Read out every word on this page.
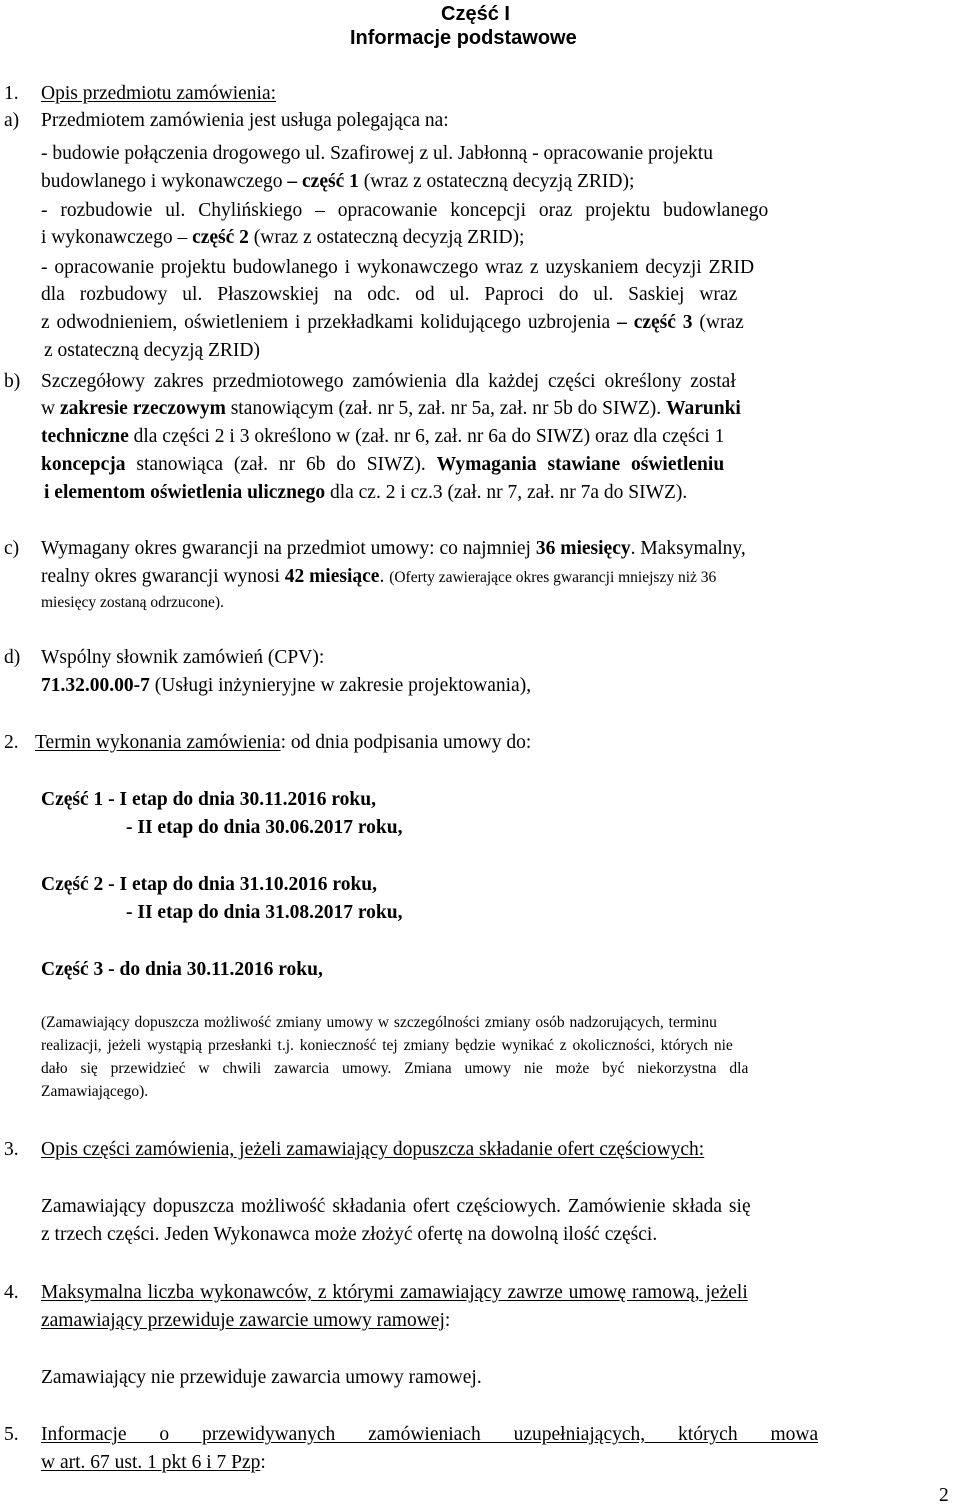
Część I
Informacje podstawowe
1. Opis przedmiotu zamówienia:
a) Przedmiotem zamówienia jest usługa polegająca na:
- budowie połączenia drogowego ul. Szafirowej z ul. Jabłonną - opracowanie projektu
budowlanego i wykonawczego – część 1 (wraz z ostateczną decyzją ZRID);
- rozbudowie ul. Chylińskiego – opracowanie koncepcji oraz projektu budowlanego
i wykonawczego – część 2 (wraz z ostateczną decyzją ZRID);
- opracowanie projektu budowlanego i wykonawczego wraz z uzyskaniem decyzji ZRID
dla rozbudowy ul. Płaszowskiej na odc. od ul. Paproci do ul. Saskiej wraz
z odwodnieniem, oświetleniem i przekładkami kolidującego uzbrojenia – część 3 (wraz
z ostateczną decyzją ZRID)
b) Szczegółowy zakres przedmiotowego zamówienia dla każdej części określony został
w zakresie rzeczowym stanowiącym (zał. nr 5, zał. nr 5a, zał. nr 5b do SIWZ). Warunki
techniczne dla części 2 i 3 określono w (zał. nr 6, zał. nr 6a do SIWZ) oraz dla części 1
koncepcja stanowiąca (zał. nr 6b do SIWZ). Wymagania stawiane oświetleniu
i elementom oświetlenia ulicznego dla cz. 2 i cz.3 (zał. nr 7, zał. nr 7a do SIWZ).
c) Wymagany okres gwarancji na przedmiot umowy: co najmniej 36 miesięcy. Maksymalny,
realny okres gwarancji wynosi 42 miesiące. (Oferty zawierające okres gwarancji mniejszy niż 36
miesięcy zostaną odrzucone).
d) Wspólny słownik zamówień (CPV):
71.32.00.00-7 (Usługi inżynieryjne w zakresie projektowania),
2. Termin wykonania zamówienia: od dnia podpisania umowy do:
Część 1 - I etap do dnia 30.11.2016 roku,
- II etap do dnia 30.06.2017 roku,
Część 2 - I etap do dnia 31.10.2016 roku,
- II etap do dnia 31.08.2017 roku,
Część 3 - do dnia 30.11.2016 roku,
(Zamawiający dopuszcza możliwość zmiany umowy w szczególności zmiany osób nadzorujących, terminu
realizacji, jeżeli wystąpią przesłanki t.j. konieczność tej zmiany będzie wynikać z okoliczności, których nie
dało się przewidzieć w chwili zawarcia umowy. Zmiana umowy nie może być niekorzystna dla
Zamawiającego).
3. Opis części zamówienia, jeżeli zamawiający dopuszcza składanie ofert częściowych:
Zamawiający dopuszcza możliwość składania ofert częściowych. Zamówienie składa się
z trzech części. Jeden Wykonawca może złożyć ofertę na dowolną ilość części.
4. Maksymalna liczba wykonawców, z którymi zamawiający zawrze umowę ramową, jeżeli
zamawiający przewiduje zawarcie umowy ramowej:
Zamawiający nie przewiduje zawarcia umowy ramowej.
5. Informacje o przewidywanych zamówieniach uzupełniających, których mowa
w art. 67 ust. 1 pkt 6 i 7 Pzp:
2
